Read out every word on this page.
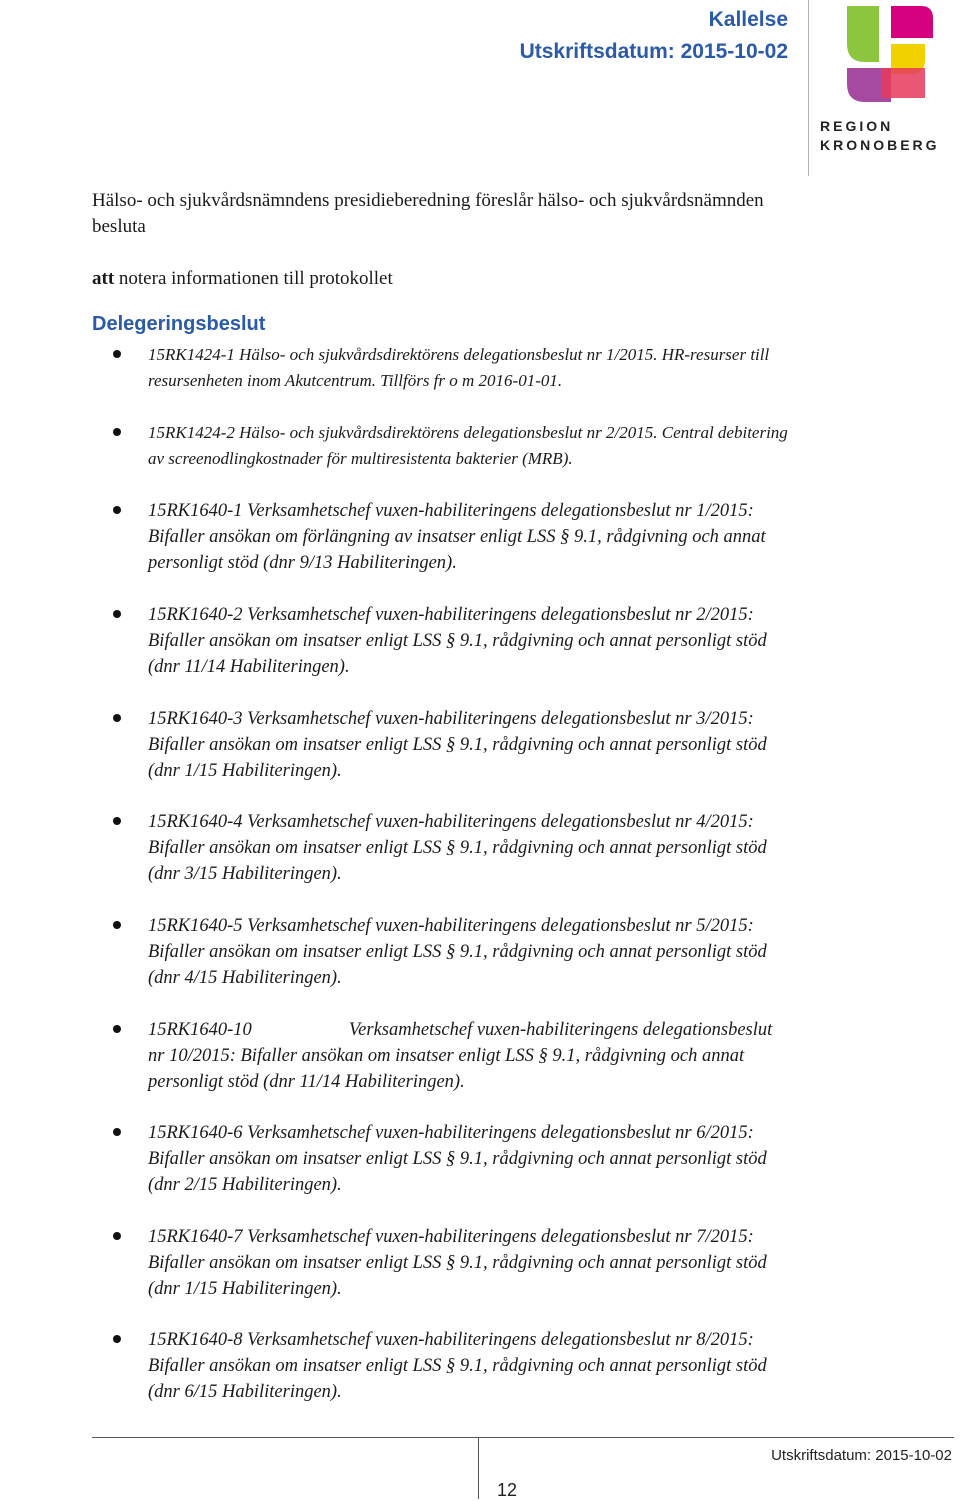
Kallelse
Utskriftsdatum: 2015-10-02
REGION
KRONOBERG

Hälso- och sjukvårdsnämndens presidieberedning föreslår hälso- och sjukvårdsnämnden besluta

att notera informationen till protokollet

Delegeringsbeslut
15RK1424-1 Hälso- och sjukvårdsdirektörens delegationsbeslut nr 1/2015. HR-resurser till resursenheten inom Akutcentrum. Tillförs fr o m 2016-01-01.
15RK1424-2 Hälso- och sjukvårdsdirektörens delegationsbeslut nr 2/2015. Central debitering av screenodlingkostnader för multiresistenta bakterier (MRB).
15RK1640-1 Verksamhetschef vuxen-habiliteringens delegationsbeslut nr 1/2015: Bifaller ansökan om förlängning av insatser enligt LSS § 9.1, rådgivning och annat personligt stöd (dnr 9/13 Habiliteringen).
15RK1640-2 Verksamhetschef vuxen-habiliteringens delegationsbeslut nr 2/2015: Bifaller ansökan om insatser enligt LSS § 9.1, rådgivning och annat personligt stöd (dnr 11/14 Habiliteringen).
15RK1640-3 Verksamhetschef vuxen-habiliteringens delegationsbeslut nr 3/2015: Bifaller ansökan om insatser enligt LSS § 9.1, rådgivning och annat personligt stöd (dnr 1/15 Habiliteringen).
15RK1640-4 Verksamhetschef vuxen-habiliteringens delegationsbeslut nr 4/2015: Bifaller ansökan om insatser enligt LSS § 9.1, rådgivning och annat personligt stöd (dnr 3/15 Habiliteringen).
15RK1640-5 Verksamhetschef vuxen-habiliteringens delegationsbeslut nr 5/2015: Bifaller ansökan om insatser enligt LSS § 9.1, rådgivning och annat personligt stöd (dnr 4/15 Habiliteringen).
15RK1640-10                     Verksamhetschef vuxen-habiliteringens delegationsbeslut nr 10/2015: Bifaller ansökan om insatser enligt LSS § 9.1, rådgivning och annat personligt stöd (dnr 11/14 Habiliteringen).
15RK1640-6 Verksamhetschef vuxen-habiliteringens delegationsbeslut nr 6/2015: Bifaller ansökan om insatser enligt LSS § 9.1, rådgivning och annat personligt stöd (dnr 2/15 Habiliteringen).
15RK1640-7 Verksamhetschef vuxen-habiliteringens delegationsbeslut nr 7/2015: Bifaller ansökan om insatser enligt LSS § 9.1, rådgivning och annat personligt stöd (dnr 1/15 Habiliteringen).
15RK1640-8 Verksamhetschef vuxen-habiliteringens delegationsbeslut nr 8/2015: Bifaller ansökan om insatser enligt LSS § 9.1, rådgivning och annat personligt stöd (dnr 6/15 Habiliteringen).
Utskriftsdatum: 2015-10-02
12
